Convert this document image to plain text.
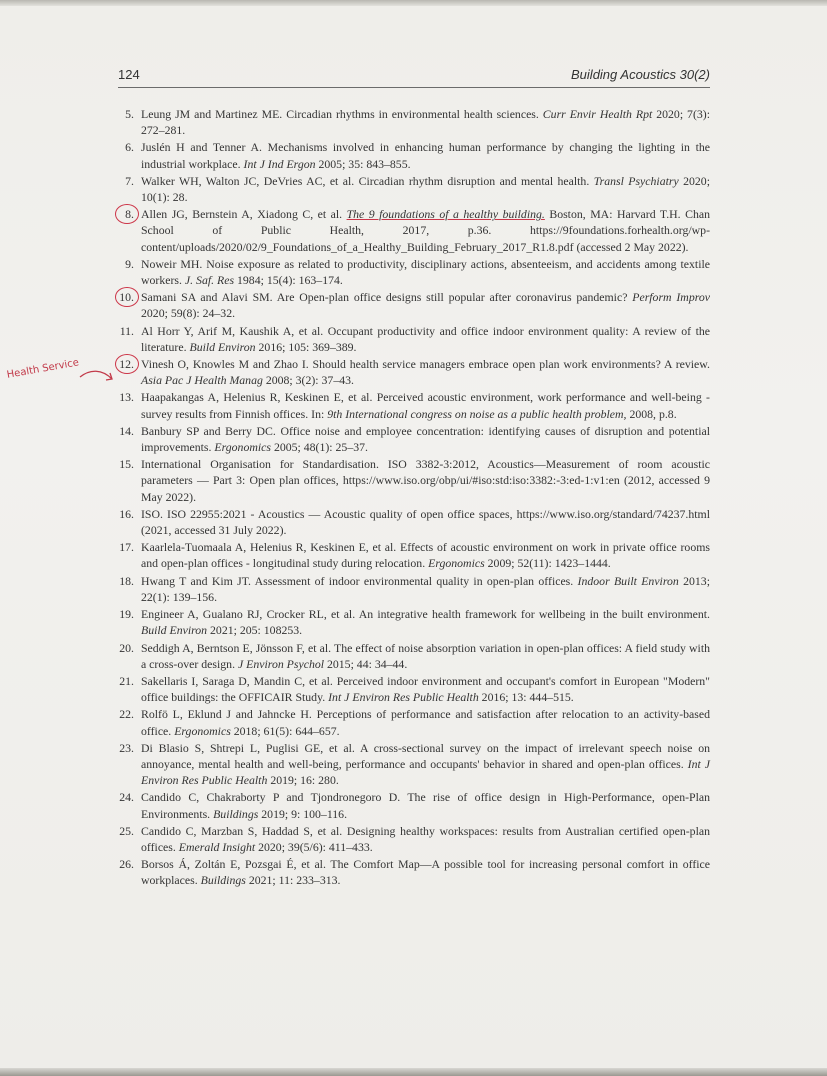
124	Building Acoustics 30(2)
Health Service
5. Leung JM and Martinez ME. Circadian rhythms in environmental health sciences. Curr Envir Health Rpt 2020; 7(3): 272–281.
6. Juslén H and Tenner A. Mechanisms involved in enhancing human performance by changing the lighting in the industrial workplace. Int J Ind Ergon 2005; 35: 843–855.
7. Walker WH, Walton JC, DeVries AC, et al. Circadian rhythm disruption and mental health. Transl Psychiatry 2020; 10(1): 28.
8. Allen JG, Bernstein A, Xiadong C, et al. The 9 foundations of a healthy building. Boston, MA: Harvard T.H. Chan School of Public Health, 2017, p.36. https://9foundations.forhealth.org/wp-content/uploads/2020/02/9_Foundations_of_a_Healthy_Building_February_2017_R1.8.pdf (accessed 2 May 2022).
9. Noweir MH. Noise exposure as related to productivity, disciplinary actions, absenteeism, and accidents among textile workers. J. Saf. Res 1984; 15(4): 163–174.
10. Samani SA and Alavi SM. Are Open-plan office designs still popular after coronavirus pandemic? Perform Improv 2020; 59(8): 24–32.
11. Al Horr Y, Arif M, Kaushik A, et al. Occupant productivity and office indoor environment quality: A review of the literature. Build Environ 2016; 105: 369–389.
12. Vinesh O, Knowles M and Zhao I. Should health service managers embrace open plan work environments? A review. Asia Pac J Health Manag 2008; 3(2): 37–43.
13. Haapakangas A, Helenius R, Keskinen E, et al. Perceived acoustic environment, work performance and well-being - survey results from Finnish offices. In: 9th International congress on noise as a public health problem, 2008, p.8.
14. Banbury SP and Berry DC. Office noise and employee concentration: identifying causes of disruption and potential improvements. Ergonomics 2005; 48(1): 25–37.
15. International Organisation for Standardisation. ISO 3382-3:2012, Acoustics—Measurement of room acoustic parameters — Part 3: Open plan offices, https://www.iso.org/obp/ui/#iso:std:iso:3382:-3:ed-1:v1:en (2012, accessed 9 May 2022).
16. ISO. ISO 22955:2021 - Acoustics — Acoustic quality of open office spaces, https://www.iso.org/standard/74237.html (2021, accessed 31 July 2022).
17. Kaarlela-Tuomaala A, Helenius R, Keskinen E, et al. Effects of acoustic environment on work in private office rooms and open-plan offices - longitudinal study during relocation. Ergonomics 2009; 52(11): 1423–1444.
18. Hwang T and Kim JT. Assessment of indoor environmental quality in open-plan offices. Indoor Built Environ 2013; 22(1): 139–156.
19. Engineer A, Gualano RJ, Crocker RL, et al. An integrative health framework for wellbeing in the built environment. Build Environ 2021; 205: 108253.
20. Seddigh A, Berntson E, Jönsson F, et al. The effect of noise absorption variation in open-plan offices: A field study with a cross-over design. J Environ Psychol 2015; 44: 34–44.
21. Sakellaris I, Saraga D, Mandin C, et al. Perceived indoor environment and occupant's comfort in European "Modern" office buildings: the OFFICAIR Study. Int J Environ Res Public Health 2016; 13: 444–515.
22. Rolfö L, Eklund J and Jahncke H. Perceptions of performance and satisfaction after relocation to an activity-based office. Ergonomics 2018; 61(5): 644–657.
23. Di Blasio S, Shtrepi L, Puglisi GE, et al. A cross-sectional survey on the impact of irrelevant speech noise on annoyance, mental health and well-being, performance and occupants' behavior in shared and open-plan offices. Int J Environ Res Public Health 2019; 16: 280.
24. Candido C, Chakraborty P and Tjondronegoro D. The rise of office design in High-Performance, open-Plan Environments. Buildings 2019; 9: 100–116.
25. Candido C, Marzban S, Haddad S, et al. Designing healthy workspaces: results from Australian certified open-plan offices. Emerald Insight 2020; 39(5/6): 411–433.
26. Borsos Á, Zoltán E, Pozsgai É, et al. The Comfort Map—A possible tool for increasing personal comfort in office workplaces. Buildings 2021; 11: 233–313.
